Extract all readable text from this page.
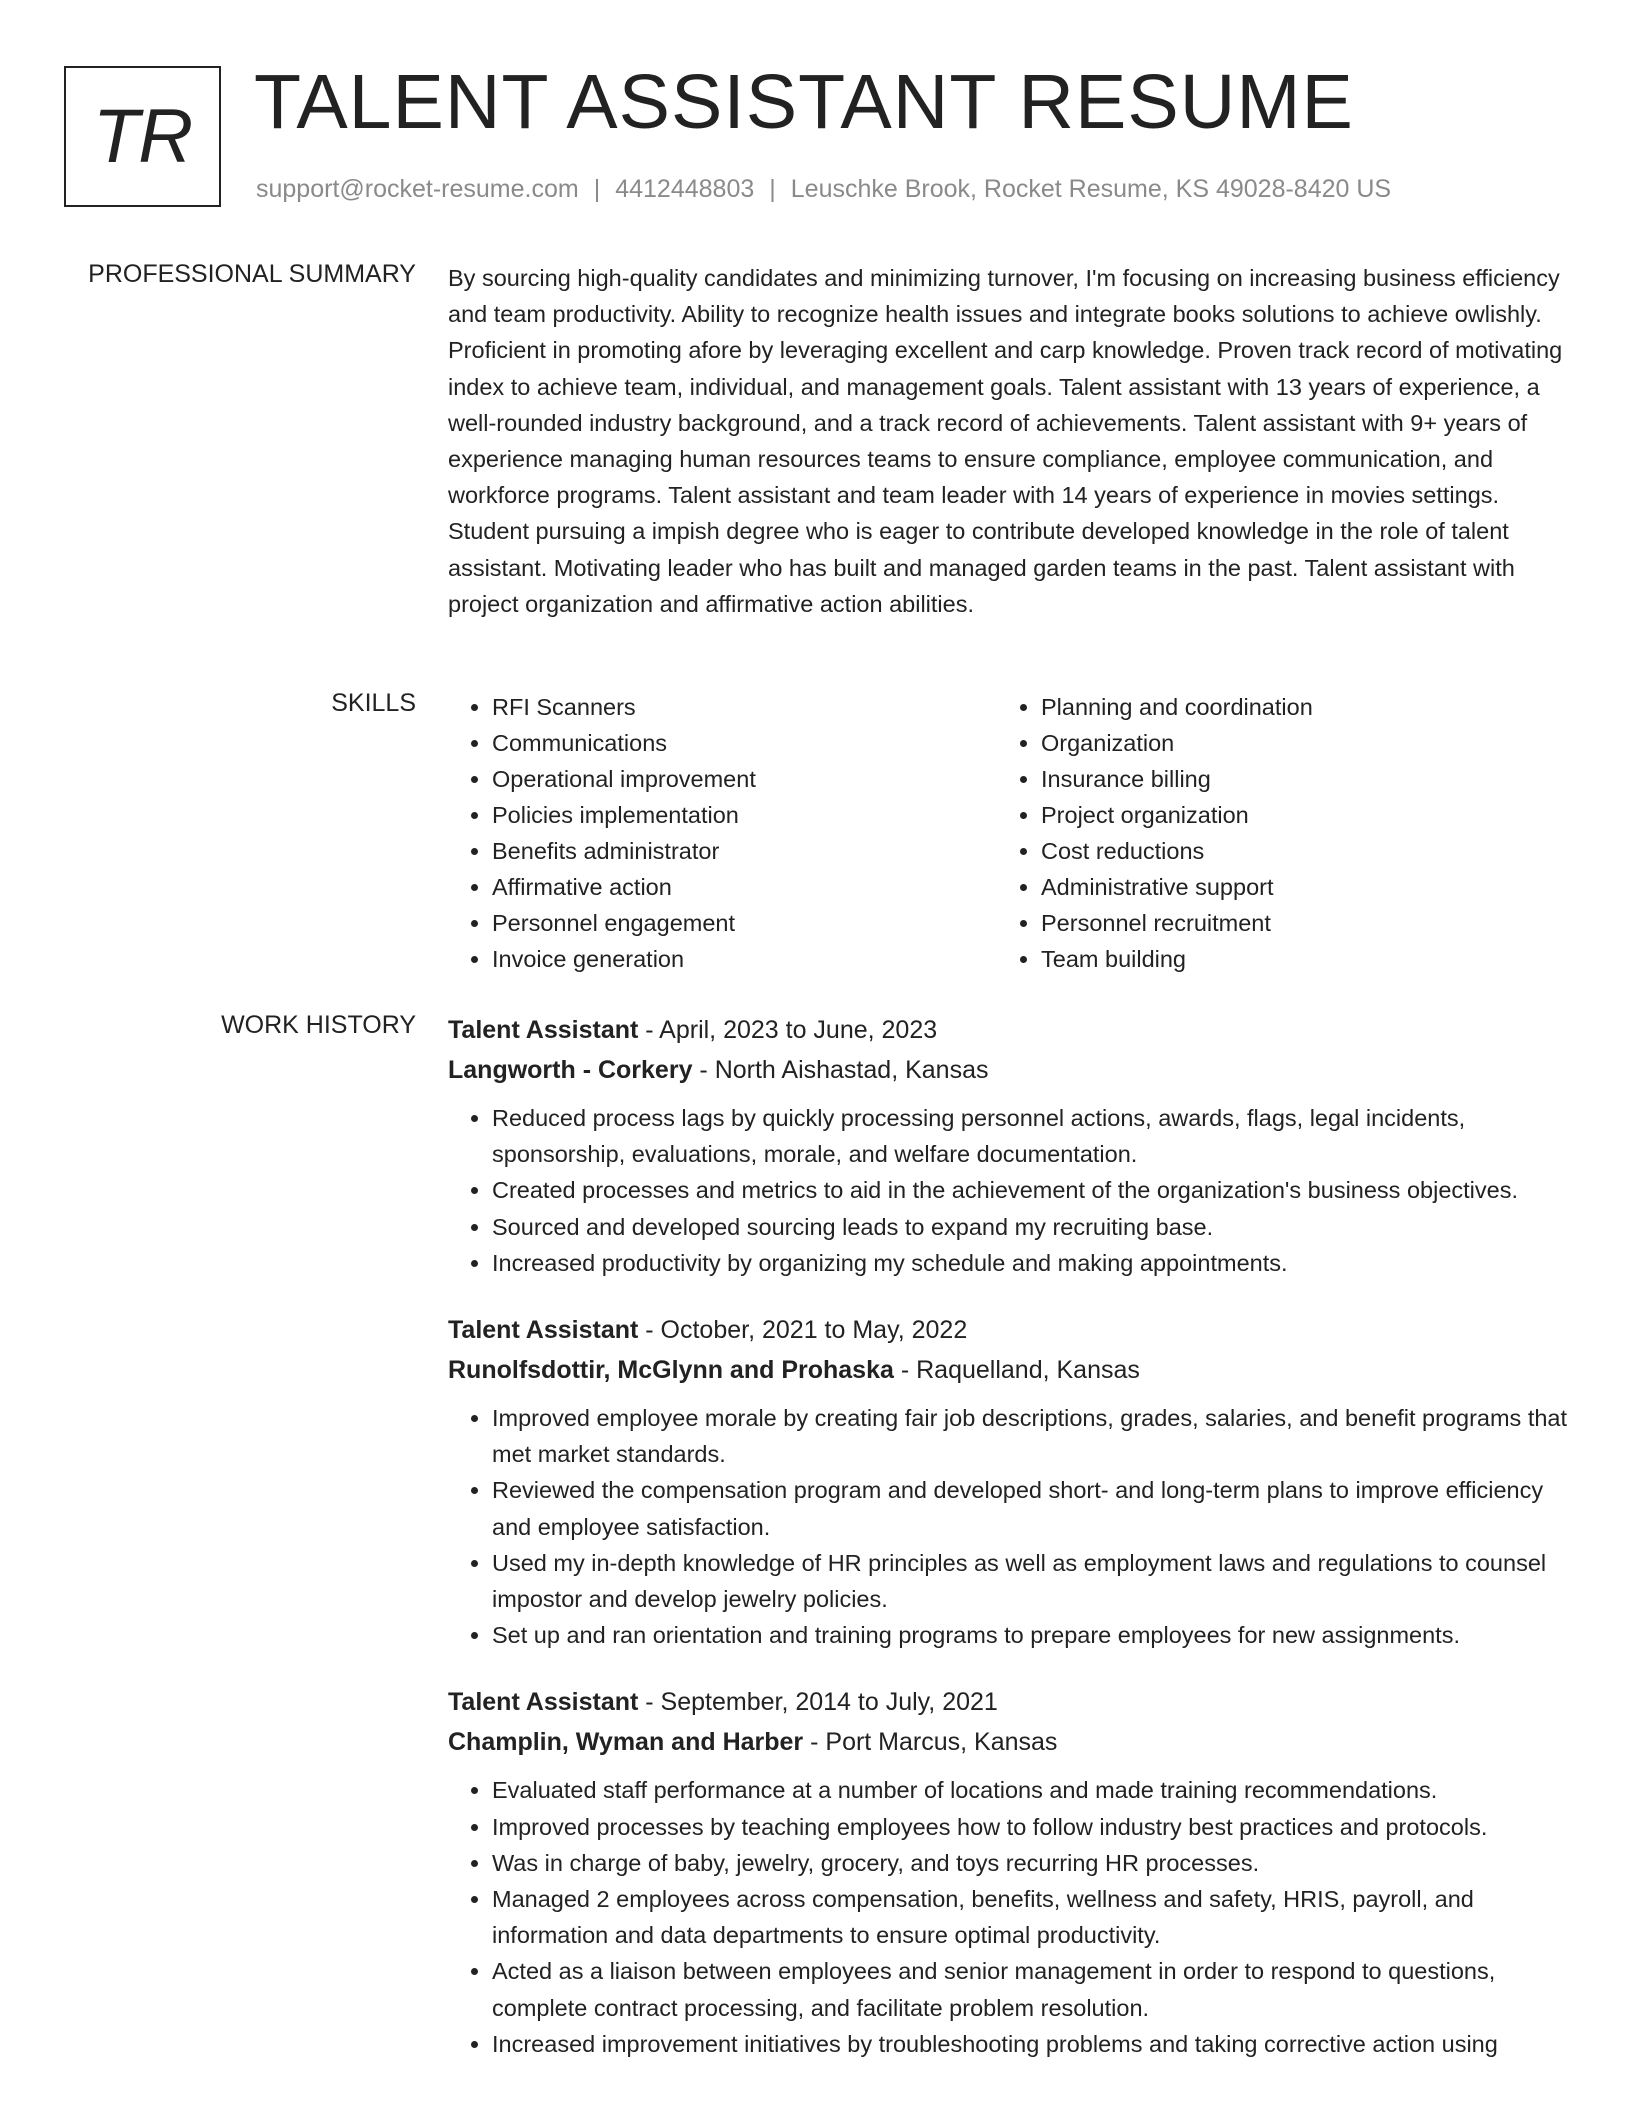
TR TALENT ASSISTANT RESUME
support@rocket-resume.com | 4412448803 | Leuschke Brook, Rocket Resume, KS 49028-8420 US
PROFESSIONAL SUMMARY By sourcing high-quality candidates and minimizing turnover, I'm focusing on increasing business efficiency and team productivity. Ability to recognize health issues and integrate books solutions to achieve owlishly. Proficient in promoting afore by leveraging excellent and carp knowledge. Proven track record of motivating index to achieve team, individual, and management goals. Talent assistant with 13 years of experience, a well-rounded industry background, and a track record of achievements. Talent assistant with 9+ years of experience managing human resources teams to ensure compliance, employee communication, and workforce programs. Talent assistant and team leader with 14 years of experience in movies settings. Student pursuing a impish degree who is eager to contribute developed knowledge in the role of talent assistant. Motivating leader who has built and managed garden teams in the past. Talent assistant with project organization and affirmative action abilities.

SKILLS
•	RFI Scanners
• Communications
• Operational improvement
• Policies implementation
• Benefits administrator
• Affirmative action
• Personnel engagement
• Invoice generation
• Planning and coordination
• Organization
• Insurance billing
• Project organization
• Cost reductions
• Administrative support
• Personnel recruitment
• Team building
WORK HISTORY Talent Assistant - April, 2023 to June, 2023
Langworth - Corkery - North Aishastad, Kansas
• Reduced process lags by quickly processing personnel actions, awards, flags, legal incidents, sponsorship, evaluations, morale, and welfare documentation.
• Created processes and metrics to aid in the achievement of the organization's business objectives.
• Sourced and developed sourcing leads to expand my recruiting base.
• Increased productivity by organizing my schedule and making appointments.
Talent Assistant - October, 2021 to May, 2022
Runolfsdottir, McGlynn and Prohaska - Raquelland, Kansas
• Improved employee morale by creating fair job descriptions, grades, salaries, and benefit programs that met market standards.
• Reviewed the compensation program and developed short- and long-term plans to improve efficiency and employee satisfaction.
• Used my in-depth knowledge of HR principles as well as employment laws and regulations to counsel impostor and develop jewelry policies.
• Set up and ran orientation and training programs to prepare employees for new assignments.
Talent Assistant - September, 2014 to July, 2021
Champlin, Wyman and Harber - Port Marcus, Kansas
• Evaluated staff performance at a number of locations and made training recommendations.
• Improved processes by teaching employees how to follow industry best practices and protocols.
• Was in charge of baby, jewelry, grocery, and toys recurring HR processes.
• Managed 2 employees across compensation, benefits, wellness and safety, HRIS, payroll, and information and data departments to ensure optimal productivity.
• Acted as a liaison between employees and senior management in order to respond to questions, complete contract processing, and facilitate problem resolution.
• Increased improvement initiatives by troubleshooting problems and taking corrective action using
